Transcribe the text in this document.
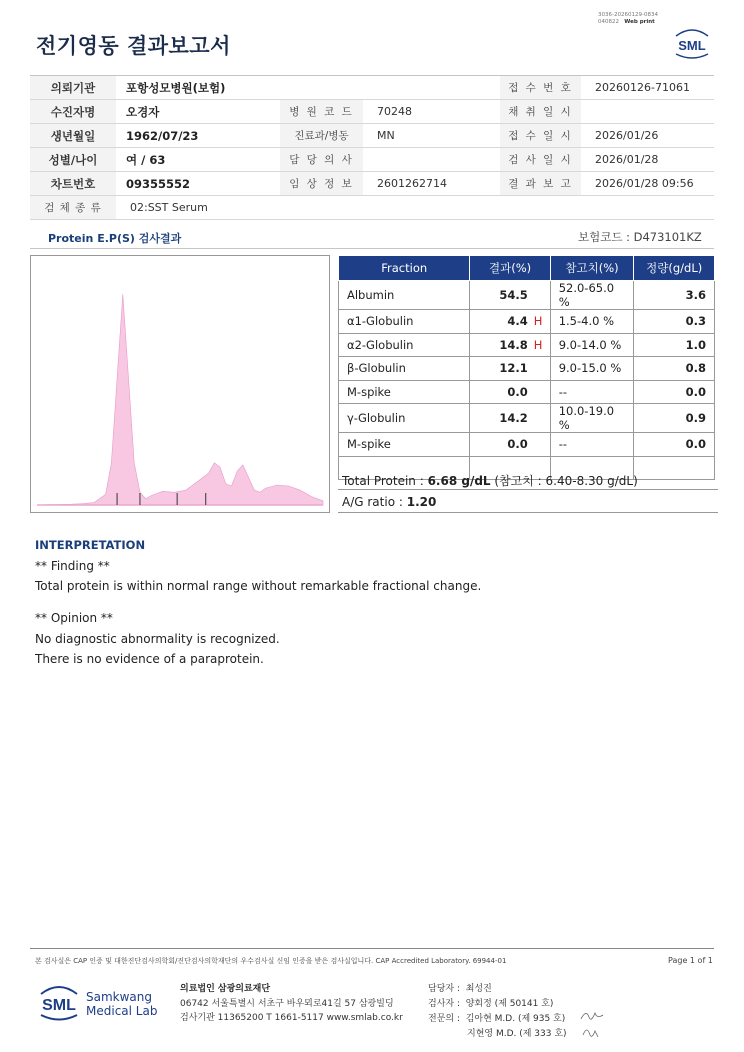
전기영동 결과보고서
3036-20260129-0834
040822 Web print
SML
의뢰기관	포항성모병원(보험)			접 수 번 호	20260126-71061
수진자명	오경자	병 원 코 드	70248	채 취 일 시	
생년월일	1962/07/23	진료과/병동	MN	접 수 일 시	2026/01/26
성별/나이	여 / 63	담 당 의 사		검 사 일 시	2026/01/28
차트번호	09355552	임 상 정 보	2601262714	결 과 보 고	2026/01/28 09:56
검 체 종 류	02:SST Serum				
Protein E.P(S) 검사결과	보험코드 : D473101KZ
Fraction	결과(%)		참고치(%)	정량(g/dL)
Albumin	54.5		52.0-65.0 %	3.6
α1-Globulin	4.4	H	1.5-4.0 %	0.3
α2-Globulin	14.8	H	9.0-14.0 %	1.0
β-Globulin	12.1		9.0-15.0 %	0.8
M-spike	0.0		--	0.0
γ-Globulin	14.2		10.0-19.0 %	0.9
M-spike	0.0		--	0.0

Total Protein : 6.68 g/dL (참고치 : 6.40-8.30 g/dL)
A/G ratio : 1.20
INTERPRETATION
** Finding **
Total protein is within normal range without remarkable fractional change.
** Opinion **
No diagnostic abnormality is recognized.
There is no evidence of a paraprotein.
본 검사실은 CAP 인증 및 대한진단검사의학회/진단검사의학재단의 우수검사실 신임 인증을 받은 검사실입니다. CAP Accredited Laboratory. 69944-01	Page 1 of 1
SML Samkwang
Medical Lab
의료법인 삼광의료재단
06742 서울특별시 서초구 바우뫼로41길 57 삼광빌딩
검사기관 11365200 T 1661-5117 www.smlab.co.kr
담당자 : 최성진
검사자 : 양회정 (제 50141 호)
전문의 : 김아현 M.D. (제 935 호)
지현영 M.D. (제 333 호)
